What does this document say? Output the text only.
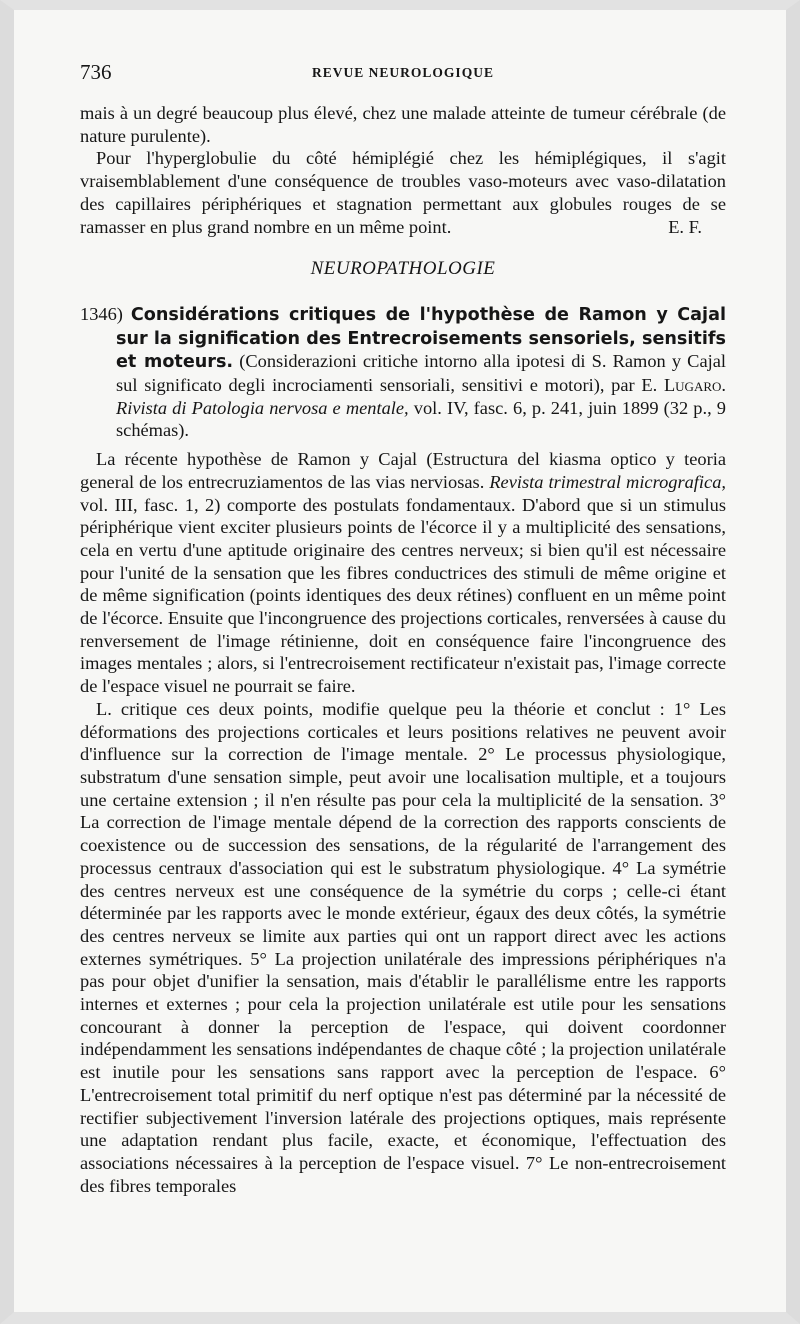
736	REVUE NEUROLOGIQUE

mais à un degré beaucoup plus élevé, chez une malade atteinte de tumeur cérébrale (de nature purulente).

Pour l'hyperglobulie du côté hémiplégié chez les hémiplégiques, il s'agit vraisemblablement d'une conséquence de troubles vaso-moteurs avec vaso-dilatation des capillaires périphériques et stagnation permettant aux globules rouges de se ramasser en plus grand nombre en un même point.	E. F.

NEUROPATHOLOGIE

1346) Considérations critiques de l'hypothèse de Ramon y Cajal sur la signification des Entrecroisements sensoriels, sensitifs et moteurs. (Considerazioni critiche intorno alla ipotesi di S. Ramon y Cajal sul significato degli incrociamenti sensoriali, sensitivi e motori), par E. Lugaro. Rivista di Patologia nervosa e mentale, vol. IV, fasc. 6, p. 241, juin 1899 (32 p., 9 schémas).

La récente hypothèse de Ramon y Cajal (Estructura del kiasma optico y teoria general de los entrecruziamentos de las vias nerviosas. Revista trimestral micrografica, vol. III, fasc. 1, 2) comporte des postulats fondamentaux. D'abord que si un stimulus périphérique vient exciter plusieurs points de l'écorce il y a multiplicité des sensations, cela en vertu d'une aptitude originaire des centres nerveux; si bien qu'il est nécessaire pour l'unité de la sensation que les fibres conductrices des stimuli de même origine et de même signification (points identiques des deux rétines) confluent en un même point de l'écorce. Ensuite que l'incongruence des projections corticales, renversées à cause du renversement de l'image rétinienne, doit en conséquence faire l'incongruence des images mentales ; alors, si l'entrecroisement rectificateur n'existait pas, l'image correcte de l'espace visuel ne pourrait se faire.

L. critique ces deux points, modifie quelque peu la théorie et conclut : 1° Les déformations des projections corticales et leurs positions relatives ne peuvent avoir d'influence sur la correction de l'image mentale. 2° Le processus physiologique, substratum d'une sensation simple, peut avoir une localisation multiple, et a toujours une certaine extension ; il n'en résulte pas pour cela la multiplicité de la sensation. 3° La correction de l'image mentale dépend de la correction des rapports conscients de coexistence ou de succession des sensations, de la régularité de l'arrangement des processus centraux d'association qui est le substratum physiologique. 4° La symétrie des centres nerveux est une conséquence de la symétrie du corps ; celle-ci étant déterminée par les rapports avec le monde extérieur, égaux des deux côtés, la symétrie des centres nerveux se limite aux parties qui ont un rapport direct avec les actions externes symétriques. 5° La projection unilatérale des impressions périphériques n'a pas pour objet d'unifier la sensation, mais d'établir le parallélisme entre les rapports internes et externes ; pour cela la projection unilatérale est utile pour les sensations concourant à donner la perception de l'espace, qui doivent coordonner indépendamment les sensations indépendantes de chaque côté ; la projection unilatérale est inutile pour les sensations sans rapport avec la perception de l'espace. 6° L'entrecroisement total primitif du nerf optique n'est pas déterminé par la nécessité de rectifier subjectivement l'inversion latérale des projections optiques, mais représente une adaptation rendant plus facile, exacte, et économique, l'effectuation des associations nécessaires à la perception de l'espace visuel. 7° Le non-entrecroisement des fibres temporales
